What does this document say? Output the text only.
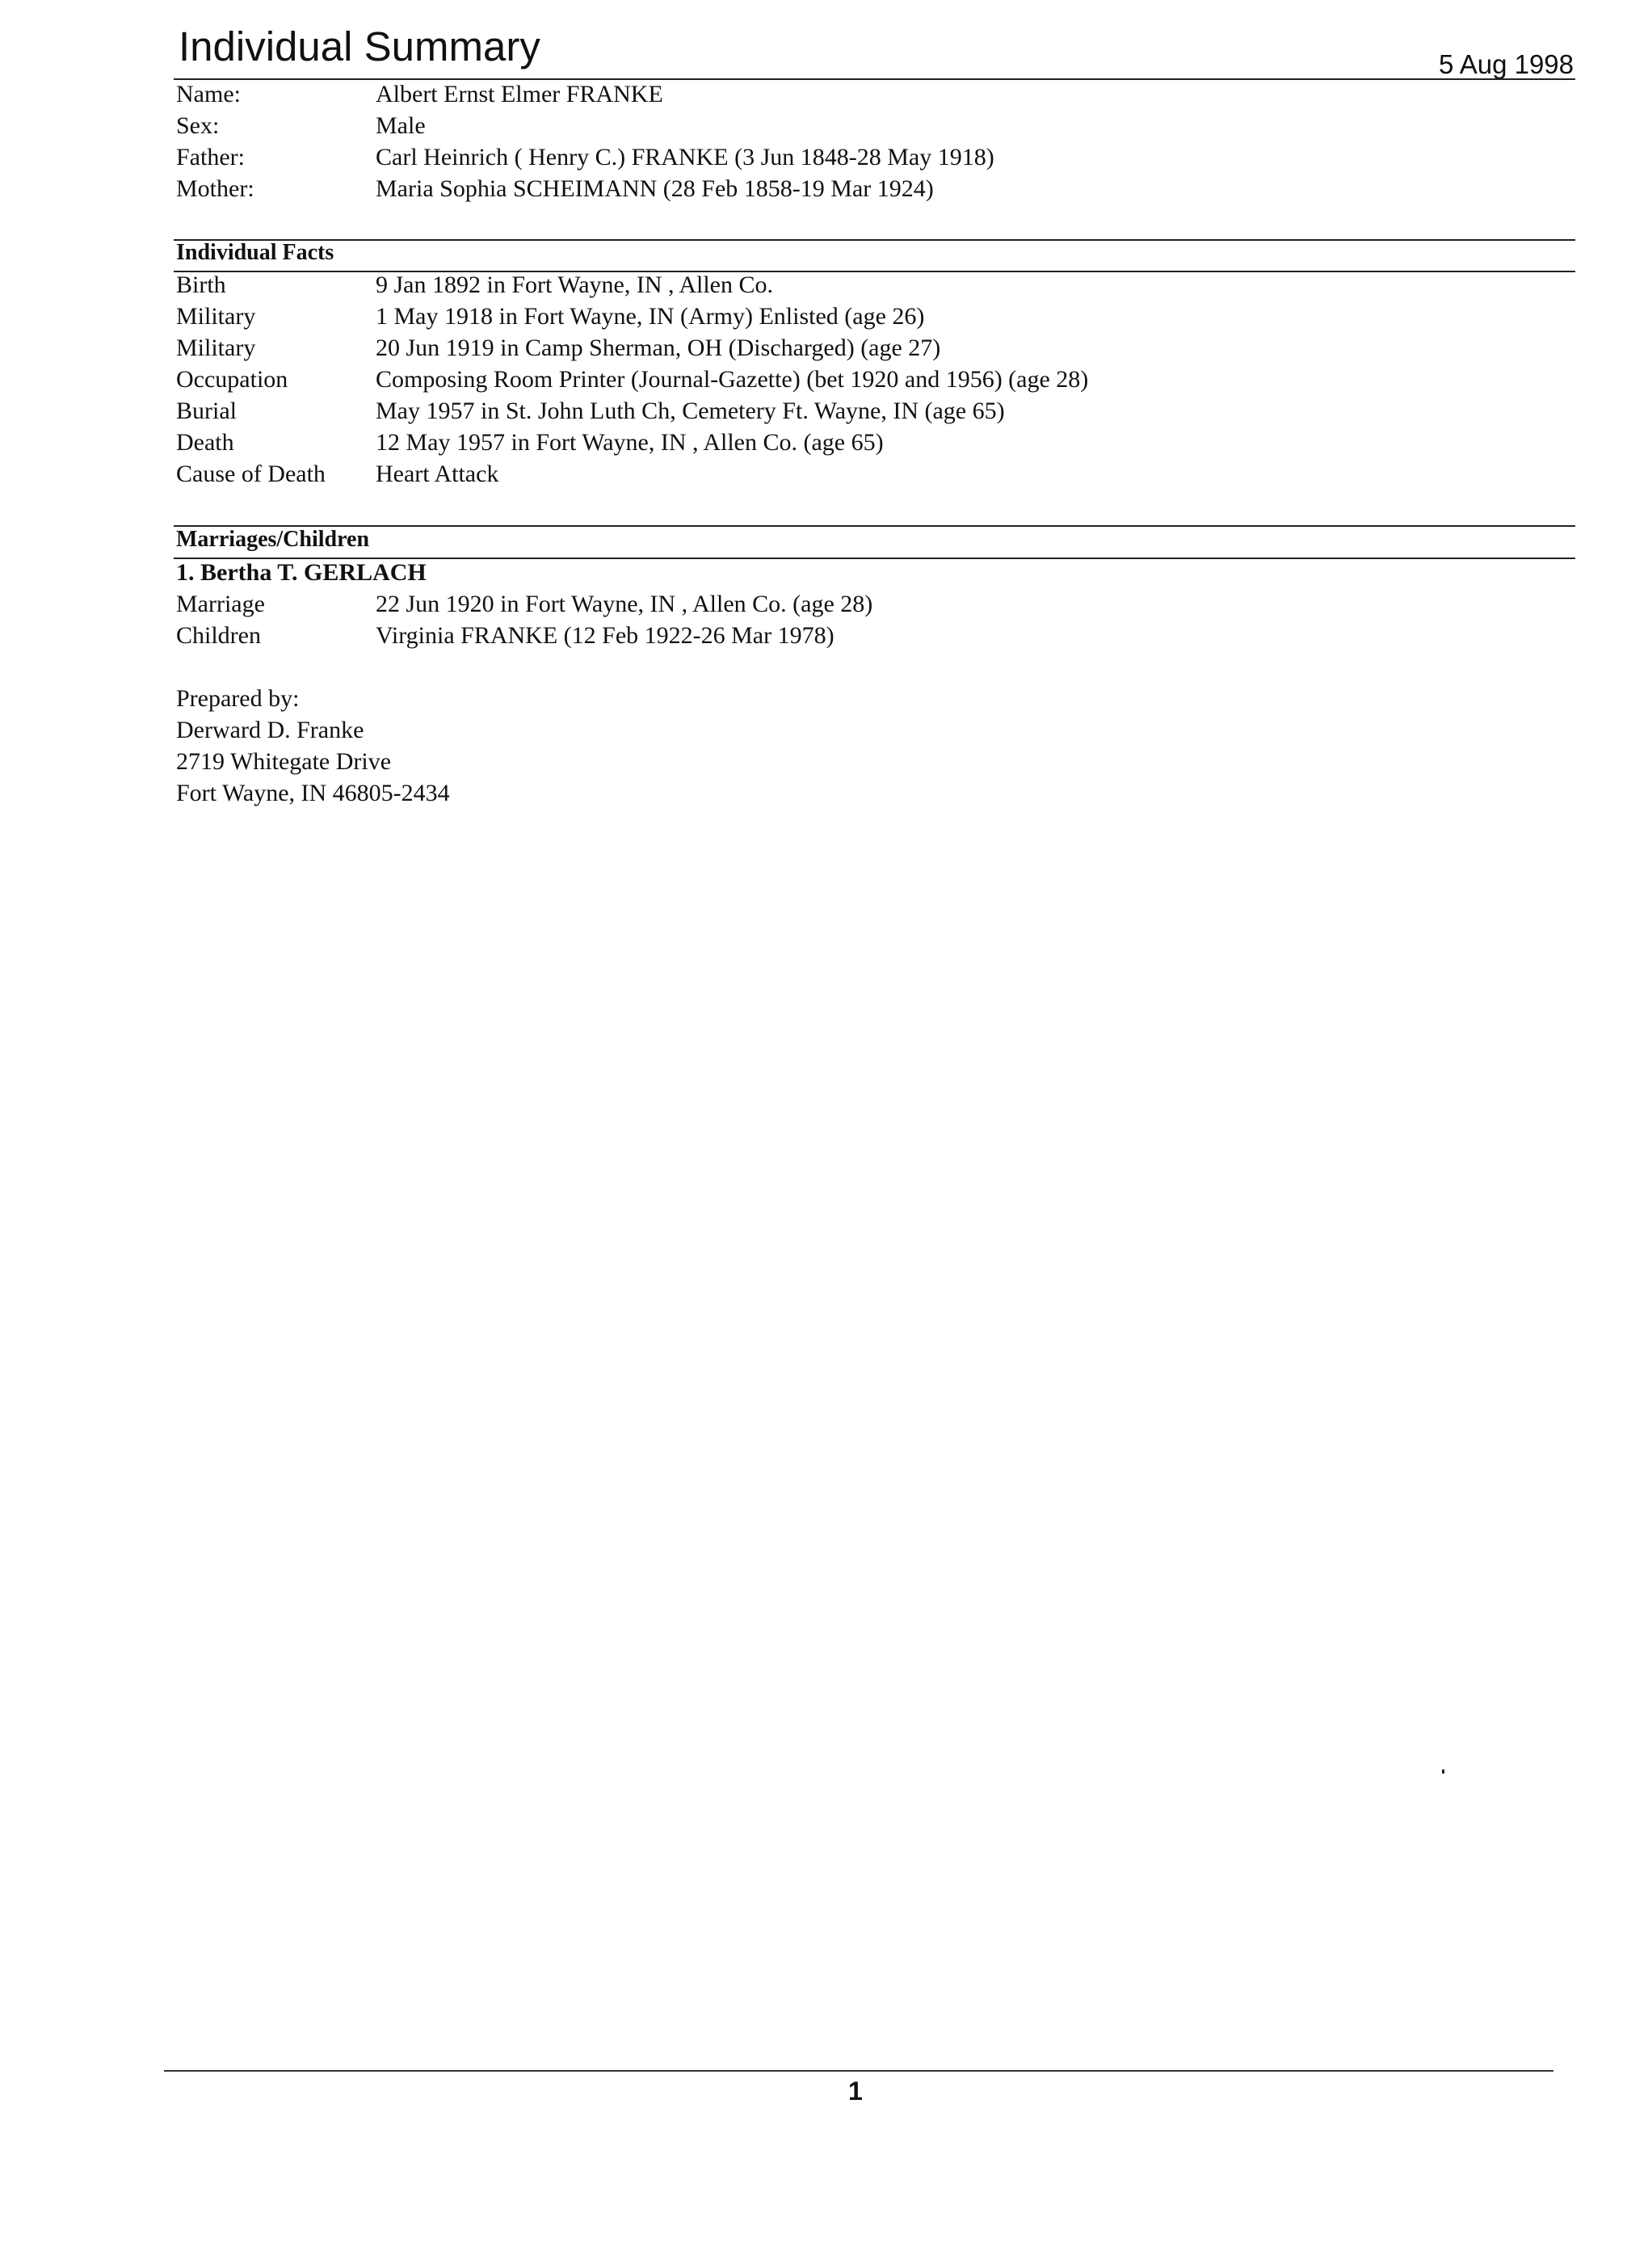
Individual Summary	5 Aug 1998
Name:	Albert Ernst Elmer FRANKE
Sex:	Male
Father:	Carl Heinrich ( Henry C.) FRANKE (3 Jun 1848-28 May 1918)
Mother:	Maria Sophia SCHEIMANN (28 Feb 1858-19 Mar 1924)
Individual Facts
Birth	9 Jan 1892 in Fort Wayne, IN , Allen Co.
Military	1 May 1918 in Fort Wayne, IN (Army) Enlisted (age 26)
Military	20 Jun 1919 in Camp Sherman, OH (Discharged) (age 27)
Occupation	Composing Room Printer (Journal-Gazette) (bet 1920 and 1956) (age 28)
Burial	May 1957 in St. John Luth Ch, Cemetery Ft. Wayne, IN (age 65)
Death	12 May 1957 in Fort Wayne, IN , Allen Co. (age 65)
Cause of Death	Heart Attack
Marriages/Children
1. Bertha T. GERLACH
Marriage	22 Jun 1920 in Fort Wayne, IN , Allen Co. (age 28)
Children	Virginia FRANKE (12 Feb 1922-26 Mar 1978)
Prepared by:
Derward D. Franke
2719 Whitegate Drive
Fort Wayne, IN 46805-2434
1
